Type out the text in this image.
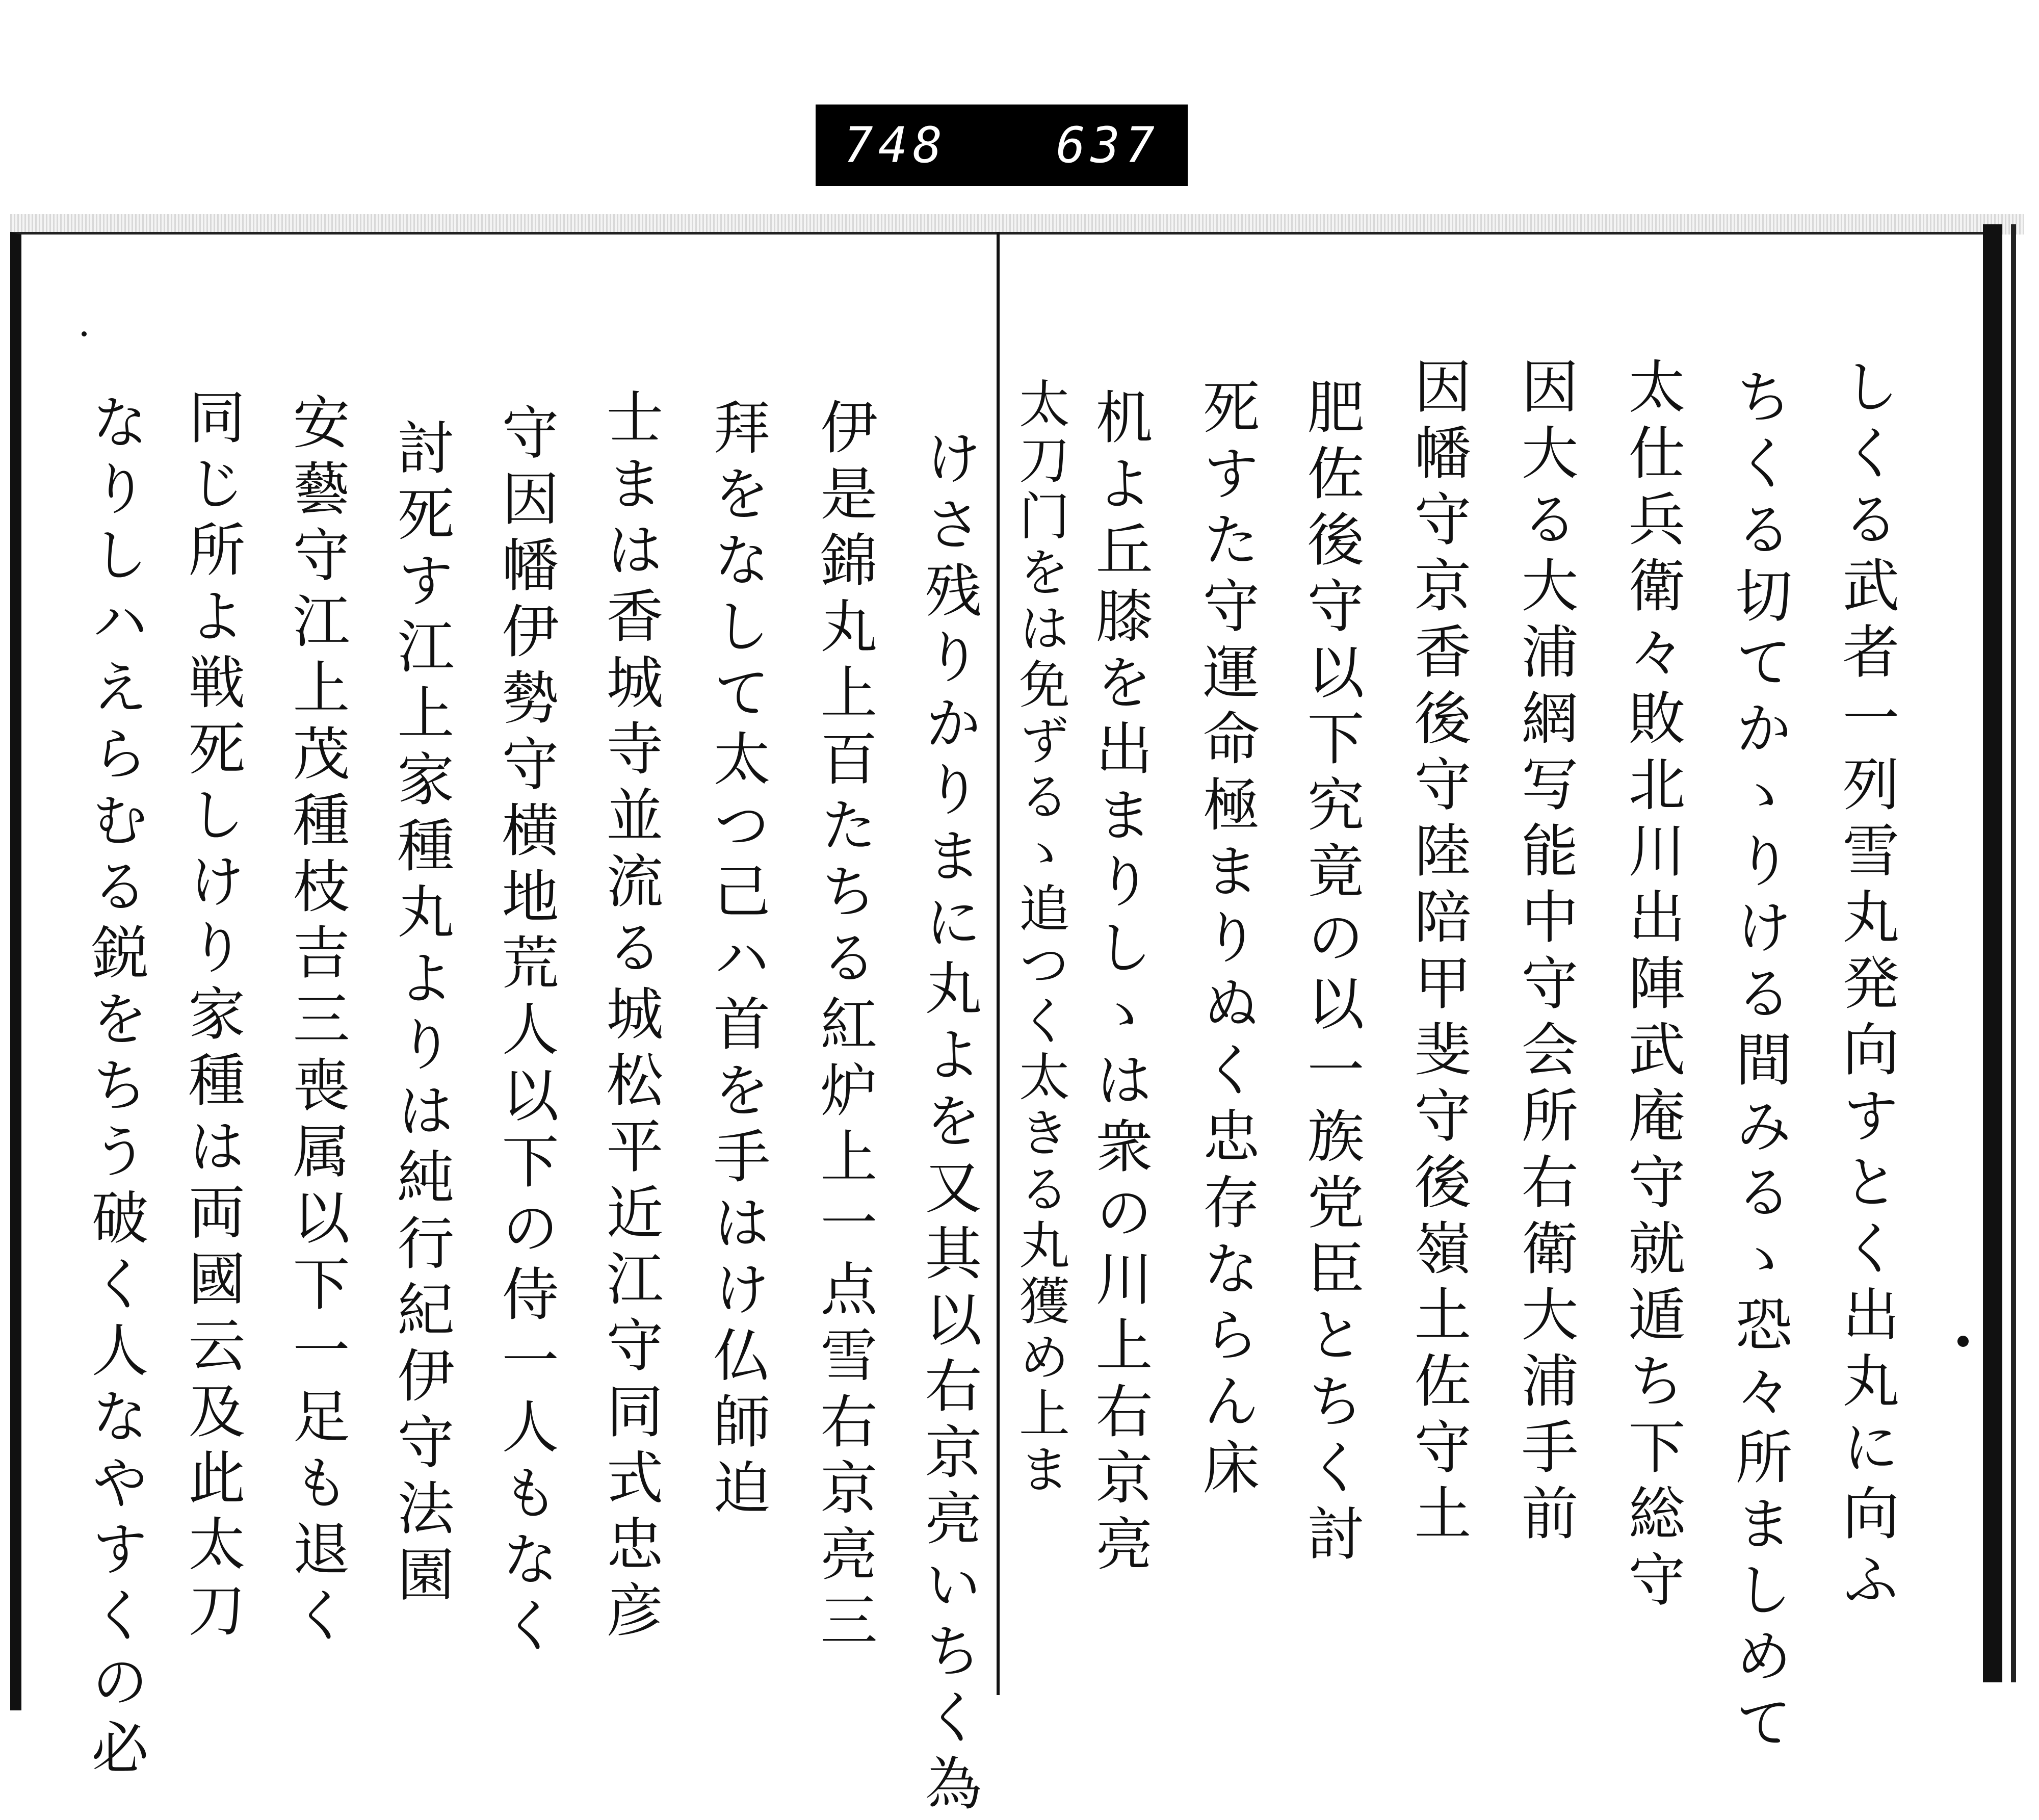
748 637
しくる武者一列雪丸発向すとく出丸に向ふ
ちくる切てかゝりける間みるゝ恐々所ましめて
太仕兵衛々敗北川出陣武庵守就遁ち下総守
因大る大浦網写能中守会所右衛大浦手前
因幡守京香後守陸陪甲斐守後嶺土佐守土
肥佐後守以下究竟の以一族党臣とちく討
死すた守運命極まりぬく忠存ならん床
机よ丘膝を出まりしゝは衆の川上右京亮
太刀门をは免ずるゝ追つく太きる丸獲め上ま
けさ残りかりまに丸よを又其以右京亮いちく為
伊是錦丸上百たちる紅炉上一点雪右京亮三
拜をなして太つ己ハ首を手はけ仏師迫
士まは香城寺並流る城松平近江守同式忠彦
守因幡伊勢守横地荒人以下の侍一人もなく
討死す江上家種丸よりは純行紀伊守法園
安藝守江上茂種枝吉三喪属以下一足も退く
同じ所よ戦死しけり家種は両國云及此太刀
なりしハえらむる鋭をちう破く人なやすくの必
